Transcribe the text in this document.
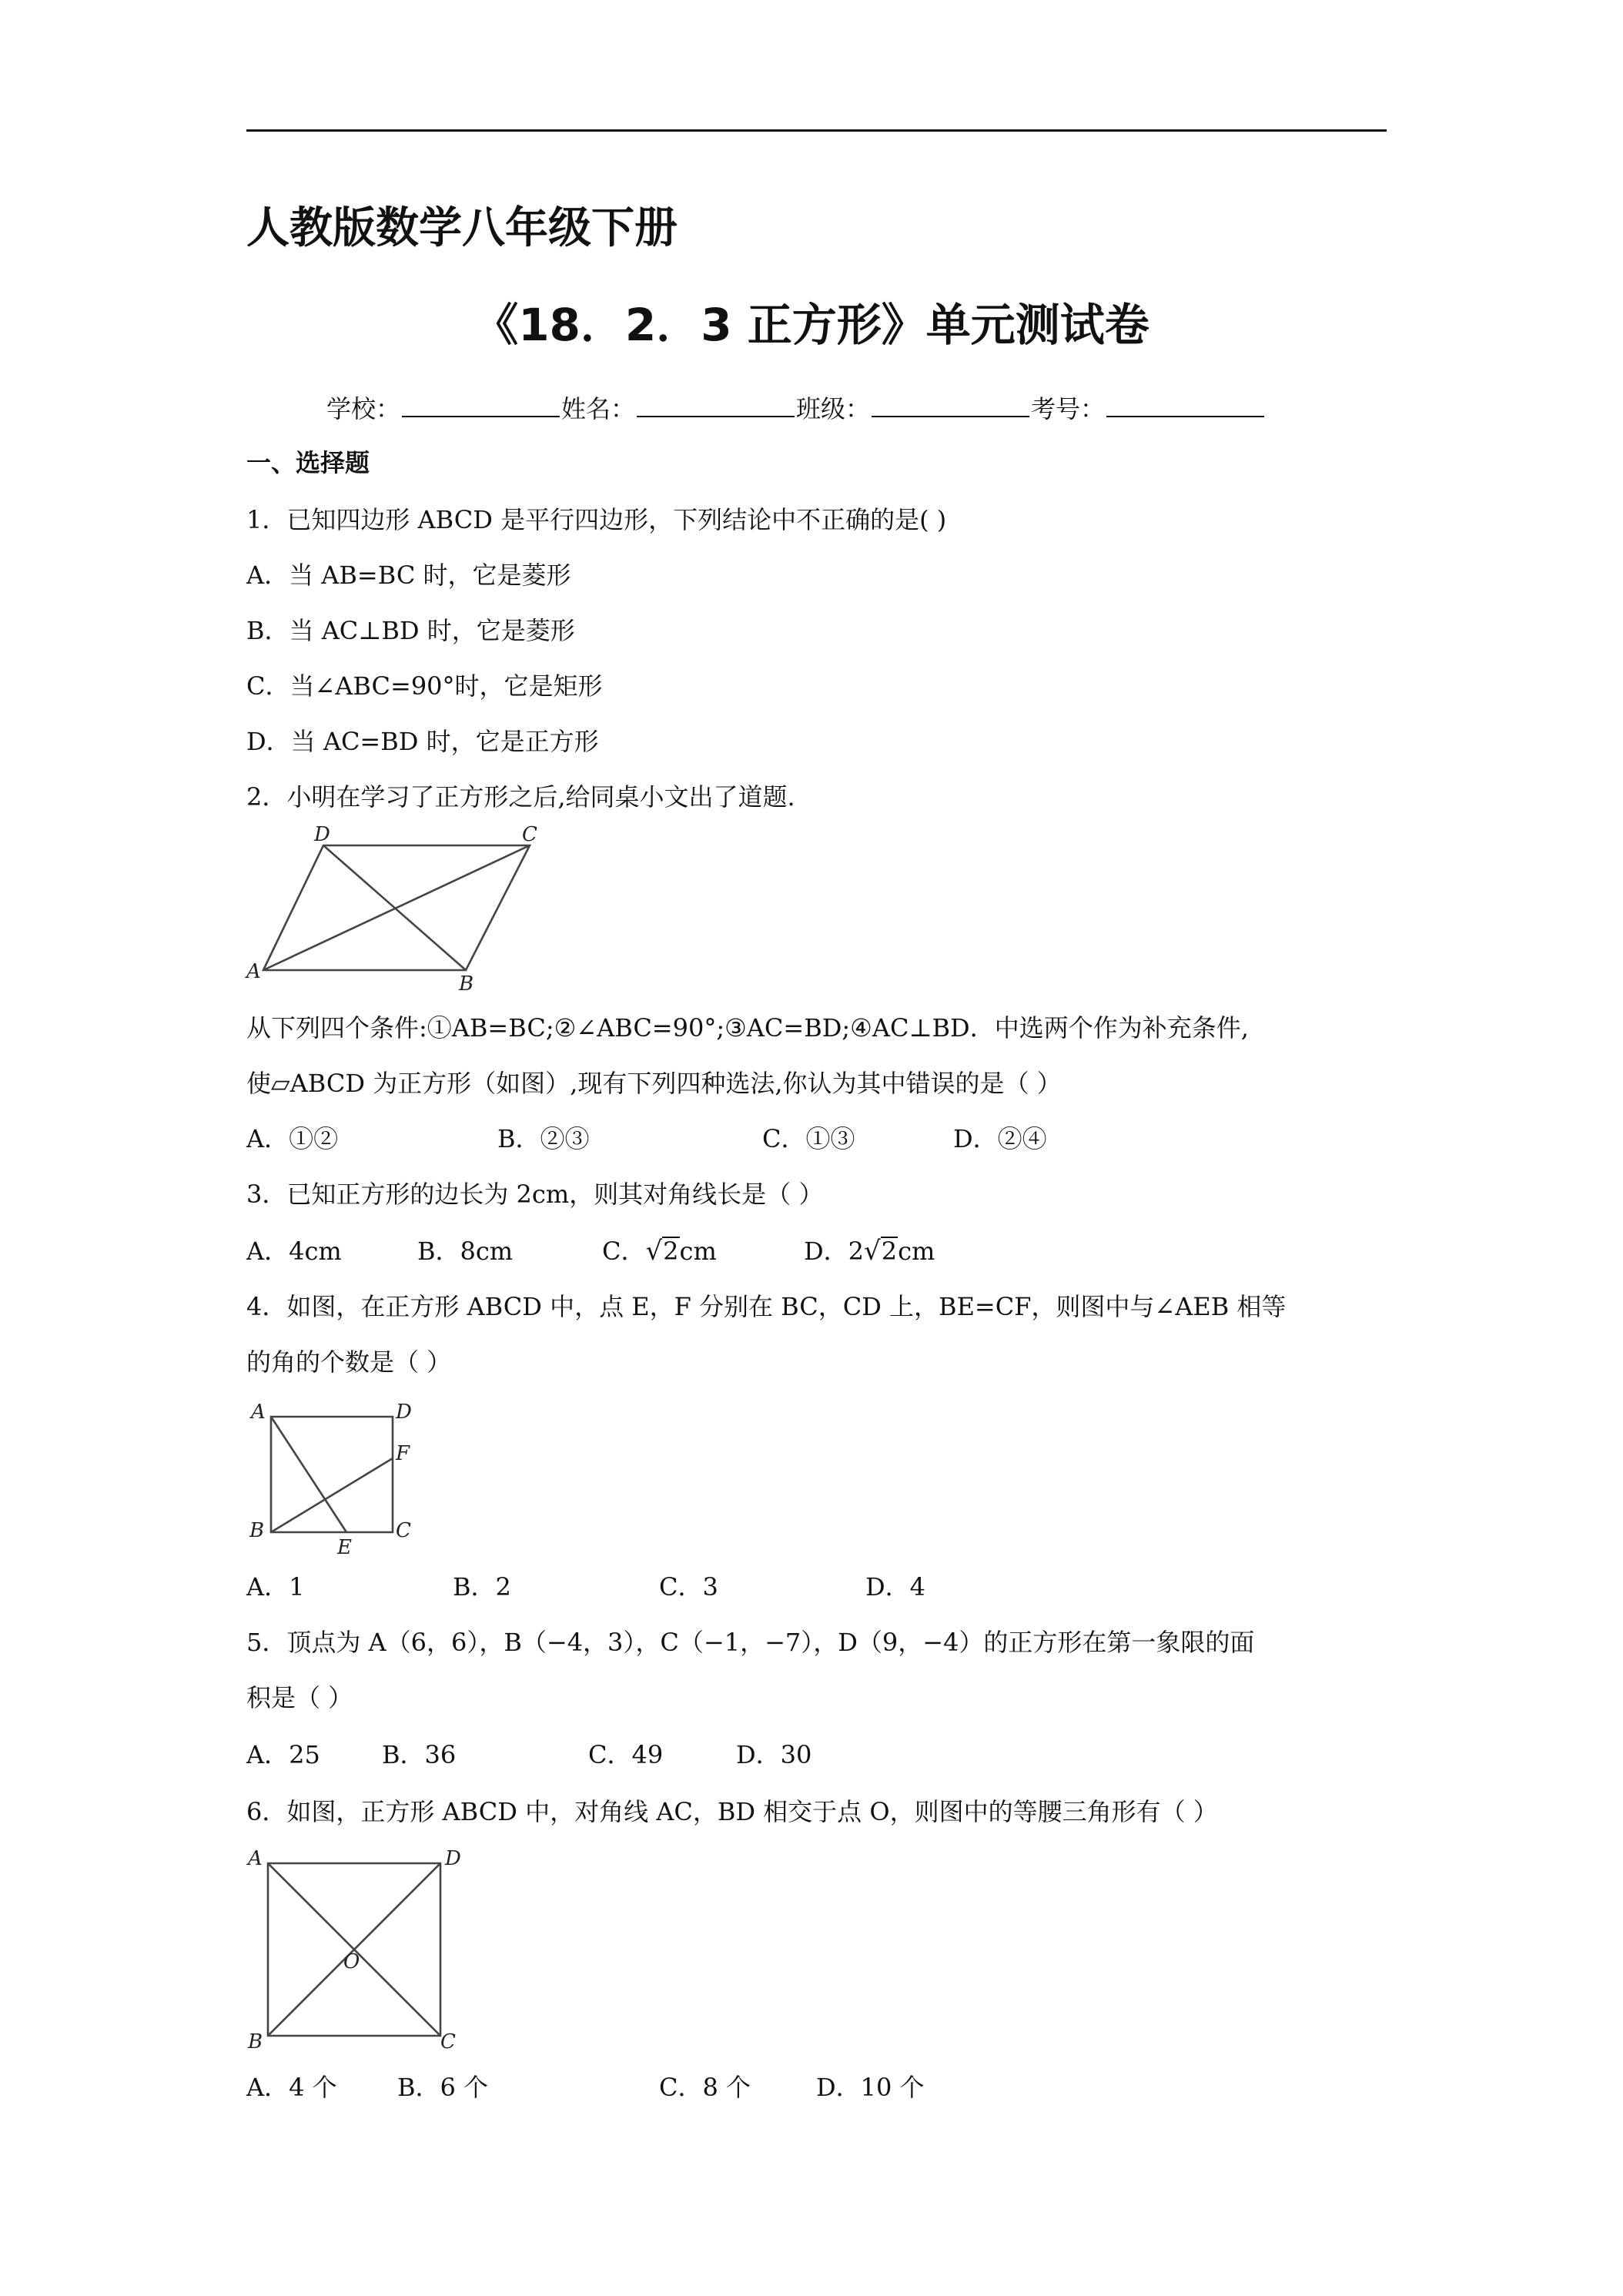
人教版数学八年级下册
《18．2．3 正方形》单元测试卷
学校：	姓名：	班级：	考号：
一、选择题
1．已知四边形 ABCD 是平行四边形，下列结论中不正确的是( )
A．当 AB=BC 时，它是菱形
B．当 AC⊥BD 时，它是菱形
C．当∠ABC=90°时，它是矩形
D．当 AC=BD 时，它是正方形
2．小明在学习了正方形之后,给同桌小文出了道题.
A
B
C
D
从下列四个条件:①AB=BC;②∠ABC=90°;③AC=BD;④AC⊥BD．中选两个作为补充条件,
使▱ABCD 为正方形（如图）,现有下列四种选法,你认为其中错误的是（ ）
A．①②	B．②③	C．①③	D．②④
3．已知正方形的边长为 2cm，则其对角线长是（ ）
A．4cm	B．8cm	C．√2cm	D．2√2cm
4．如图，在正方形 ABCD 中，点 E，F 分别在 BC，CD 上，BE=CF，则图中与∠AEB 相等
的角的个数是（ ）
A	D
F
B	C
E
A．1	B．2	C．3	D．4
5．顶点为 A（6，6），B（−4，3），C（−1，−7），D（9，−4）的正方形在第一象限的面
积是（ ）
A．25	B．36	C．49	D．30
6．如图，正方形 ABCD 中，对角线 AC，BD 相交于点 O，则图中的等腰三角形有（ ）
A	D
O
B	C
A．4 个 B．6 个	C．8 个	D．10 个
